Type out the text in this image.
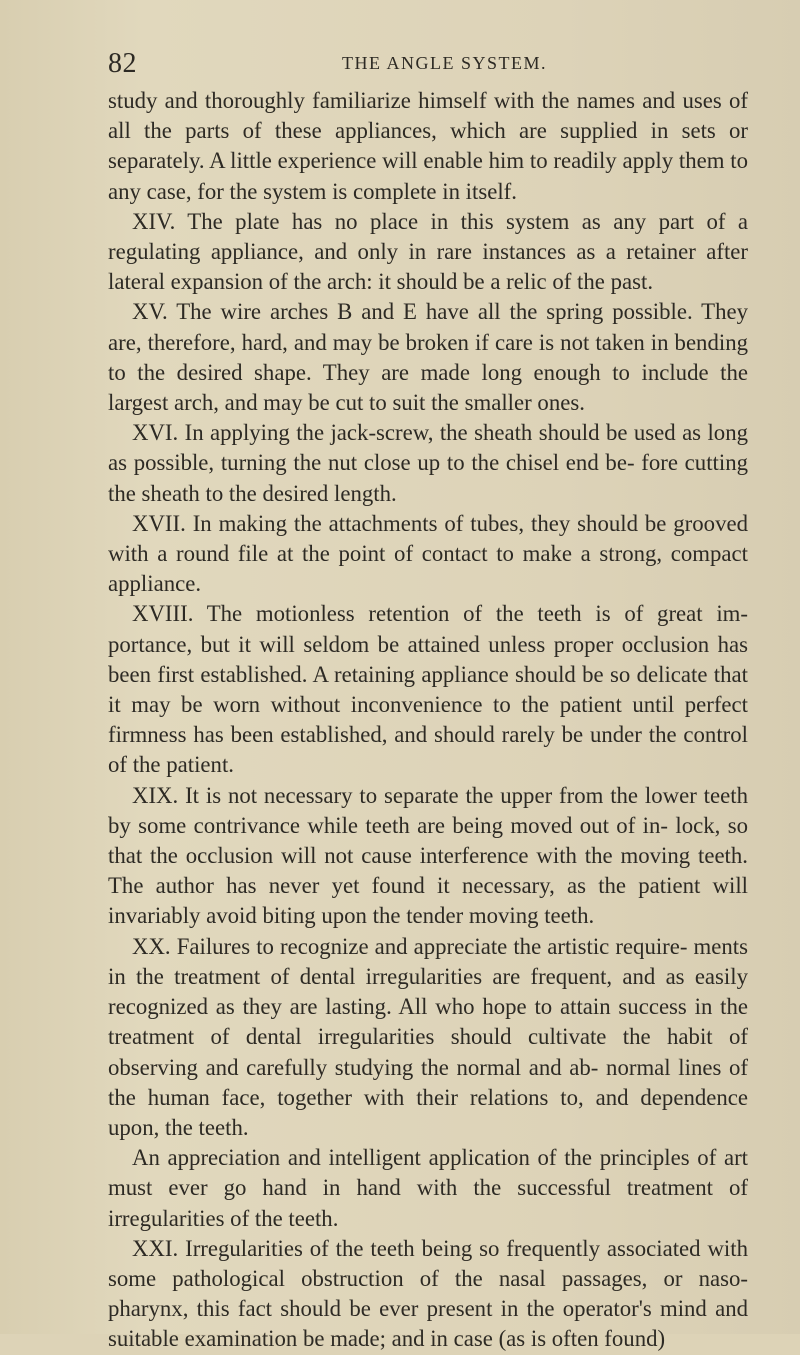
82	THE ANGLE SYSTEM.

study and thoroughly familiarize himself with the names and uses of all the parts of these appliances, which are supplied in sets or separately. A little experience will enable him to readily apply them to any case, for the system is complete in itself.

XIV. The plate has no place in this system as any part of a regulating appliance, and only in rare instances as a retainer after lateral expansion of the arch: it should be a relic of the past.

XV. The wire arches B and E have all the spring possible. They are, therefore, hard, and may be broken if care is not taken in bending to the desired shape. They are made long enough to include the largest arch, and may be cut to suit the smaller ones.

XVI. In applying the jack-screw, the sheath should be used as long as possible, turning the nut close up to the chisel end be- fore cutting the sheath to the desired length.

XVII. In making the attachments of tubes, they should be grooved with a round file at the point of contact to make a strong, compact appliance.

XVIII. The motionless retention of the teeth is of great im- portance, but it will seldom be attained unless proper occlusion has been first established. A retaining appliance should be so delicate that it may be worn without inconvenience to the patient until perfect firmness has been established, and should rarely be under the control of the patient.

XIX. It is not necessary to separate the upper from the lower teeth by some contrivance while teeth are being moved out of in- lock, so that the occlusion will not cause interference with the moving teeth. The author has never yet found it necessary, as the patient will invariably avoid biting upon the tender moving teeth.

XX. Failures to recognize and appreciate the artistic require- ments in the treatment of dental irregularities are frequent, and as easily recognized as they are lasting. All who hope to attain success in the treatment of dental irregularities should cultivate the habit of observing and carefully studying the normal and ab- normal lines of the human face, together with their relations to, and dependence upon, the teeth.

An appreciation and intelligent application of the principles of art must ever go hand in hand with the successful treatment of irregularities of the teeth.

XXI. Irregularities of the teeth being so frequently associated with some pathological obstruction of the nasal passages, or naso- pharynx, this fact should be ever present in the operator's mind and suitable examination be made; and in case (as is often found)
